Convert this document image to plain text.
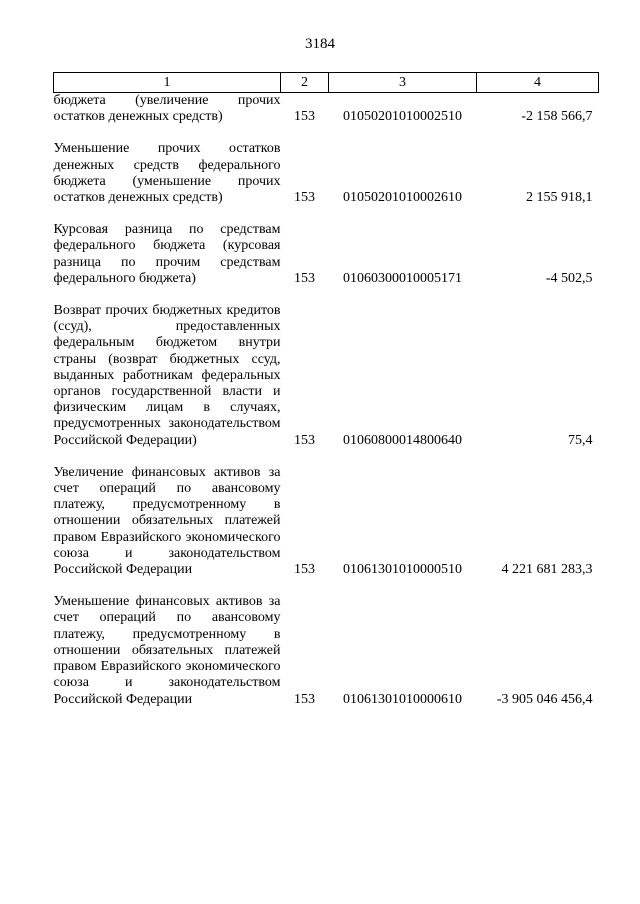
3184
1	2	3	4
бюджета (увеличение прочих остатков денежных средств)	153	01050201010002510	-2 158 566,7

Уменьшение прочих остатков денежных средств федерального бюджета (уменьшение прочих остатков денежных средств)	153	01050201010002610	2 155 918,1

Курсовая разница по средствам федерального бюджета (курсовая разница по прочим средствам федерального бюджета)	153	01060300010005171	-4 502,5

Возврат прочих бюджетных кредитов (ссуд), предоставленных федеральным бюджетом внутри страны (возврат бюджетных ссуд, выданных работникам федеральных органов государственной власти и физическим лицам в случаях, предусмотренных законодательством Российской Федерации)	153	01060800014800640	75,4

Увеличение финансовых активов за счет операций по авансовому платежу, предусмотренному в отношении обязательных платежей правом Евразийского экономического союза и законодательством Российской Федерации	153	01061301010000510	4 221 681 283,3

Уменьшение финансовых активов за счет операций по авансовому платежу, предусмотренному в отношении обязательных платежей правом Евразийского экономического союза и законодательством Российской Федерации	153	01061301010000610	-3 905 046 456,4
